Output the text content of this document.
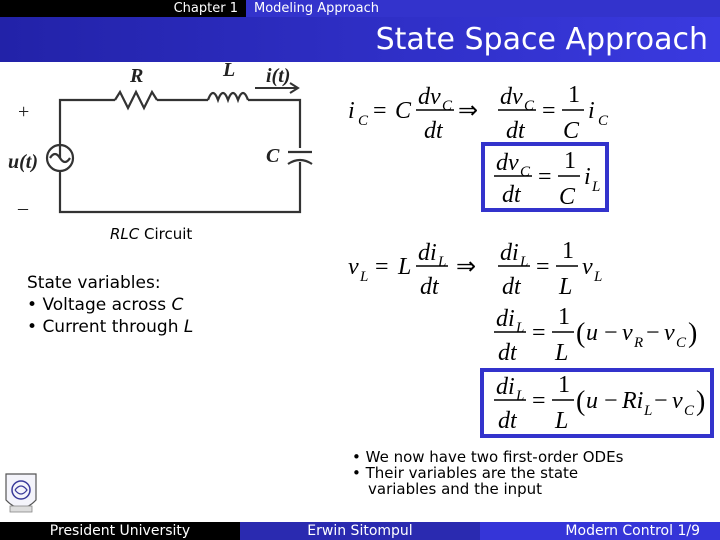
Chapter 1	Modeling Approach
State Space Approach
R	L i(t)
C
u(t)
+
–
RLC Circuit
State variables:
• Voltage across C
• Current through L
i C = C
dv C
dt
⇒
dv C
dt
=
1
C
i C
dv C
dt
=
1
C
i L
v L = L
di L
dt
⇒
di L
dt
=
1
L
v L
di L
dt
=
1
L
( u − v R − v C )
di L
dt
=
1
L
( u − Ri L − v C )
• We now have two first-order ODEs
• Their variables are the state
variables and the input
President University	Erwin Sitompul	Modern Control 1/9
